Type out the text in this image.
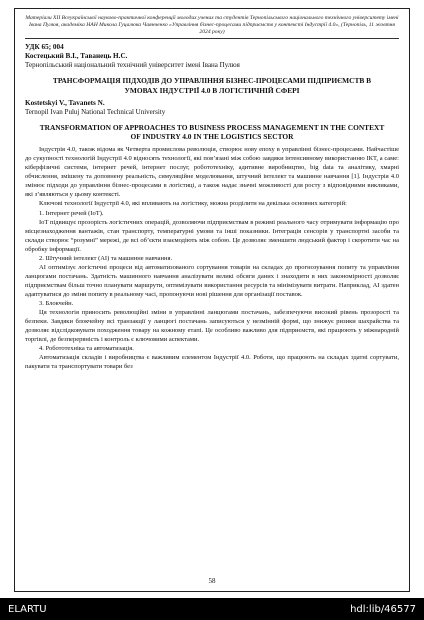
Матеріали XII Всеукраїнської науково-практичної конференції молодих учених та студентів Тернопільського національного технічного університету імені Івана Пулюя, академіка НАН Микола Гуцалюка Чаянченко «Управління бізнес-процесами підприємств у контексті Індустрії 4.0», (Тернопіль, 11 жовтня 2024 року)
УДК 65; 004
Костецький В.І., Таванець Н.С.
Тернопільський національний технічний університет імені Івана Пулюя
ТРАНСФОРМАЦІЯ ПІДХОДІВ ДО УПРАВЛІННЯ БІЗНЕС-ПРОЦЕСАМИ ПІДПРИЄМСТВ В УМОВАХ ІНДУСТРІЇ 4.0 В ЛОГІСТИЧНІЙ СФЕРІ
Kostetskyi V., Tavanets N.
Ternopil Ivan Puluj National Technical University
TRANSFORMATION OF APPROACHES TO BUSINESS PROCESS MANAGEMENT IN THE CONTEXT OF INDUSTRY 4.0 IN THE LOGISTICS SECTOR

Індустрія 4.0, також відома як Четверта промислова революція, створює нову епоху в управлінні бізнес-процесами. Найчастіше до сукупності технологій Індустрії 4.0 відносять технології, які пов’язані між собою завдяки інтенсивному використанню ІКТ, а саме: кіберфізичні системи, інтернет речей, інтернет послуг, робототехніку, адитивне виробництво, big data та аналітику, хмарні обчислення, змішену та доповнену реальність, симуляційне моделювання, штучний інтелект та машинне навчання [1]. Індустрія 4.0 змінює підходи до управління бізнес-процесами в логістиці, а також надає значні можливості для росту з відповідними викликами, які з’являються у цьому контексті.

Ключові технології Індустрії 4.0, які впливають на логістику, можна розділити на декілька основних категорій:

1. Інтернет речей (IoT).

IoT підвищує прозорість логістичних операцій, дозволяючи підприємствам в режимі реального часу отримувати інформацію про місцезнаходження вантажів, стан транспорту, температурні умови та інші показники. Інтеграція сенсорів у транспортні засоби та склади створює “розумні” мережі, де всі об’єкти взаємодіють між собою. Це дозволяє зменшити людський фактор і скоротити час на обробку інформації.

2. Штучний інтелект (AI) та машинне навчання.

AI оптимізує логістичні процеси від автоматизованого сортування товарів на складах до прогнозування попиту та управління ланцюгами постачань. Здатність машинного навчання аналізувати великі обсяги даних і знаходити в них закономірності дозволяє підприємствам більш точно планувати маршрути, оптимізувати використання ресурсів та мінімізувати витрати. Наприклад, AI здатен адаптуватися до зміни попиту в реальному часі, пропонуючи нові рішення для організації поставок.

3. Блокчейн.

Ця технологія приносить революційні зміни в управлінні ланцюгами постачань, забезпечуючи високий рівень прозорості та безпеки. Завдяки блокчейну всі транзакції у ланцюгі постачань записуються у незмінній формі, що знижує ризики шахрайства та дозволяє відслідковувати походження товару на кожному етапі. Це особливо важливо для підприємств, які працюють у міжнародній торгівлі, де безперервність і контроль є ключовими аспектами.

4. Робототехніка та автоматизація.

Автоматизація складів і виробництва є важливим елементом Індустрії 4.0. Роботи, що працюють на складах здатні сортувати, пакувати та транспортувати товари без

58
ELARTU	hdl:lib/46577
